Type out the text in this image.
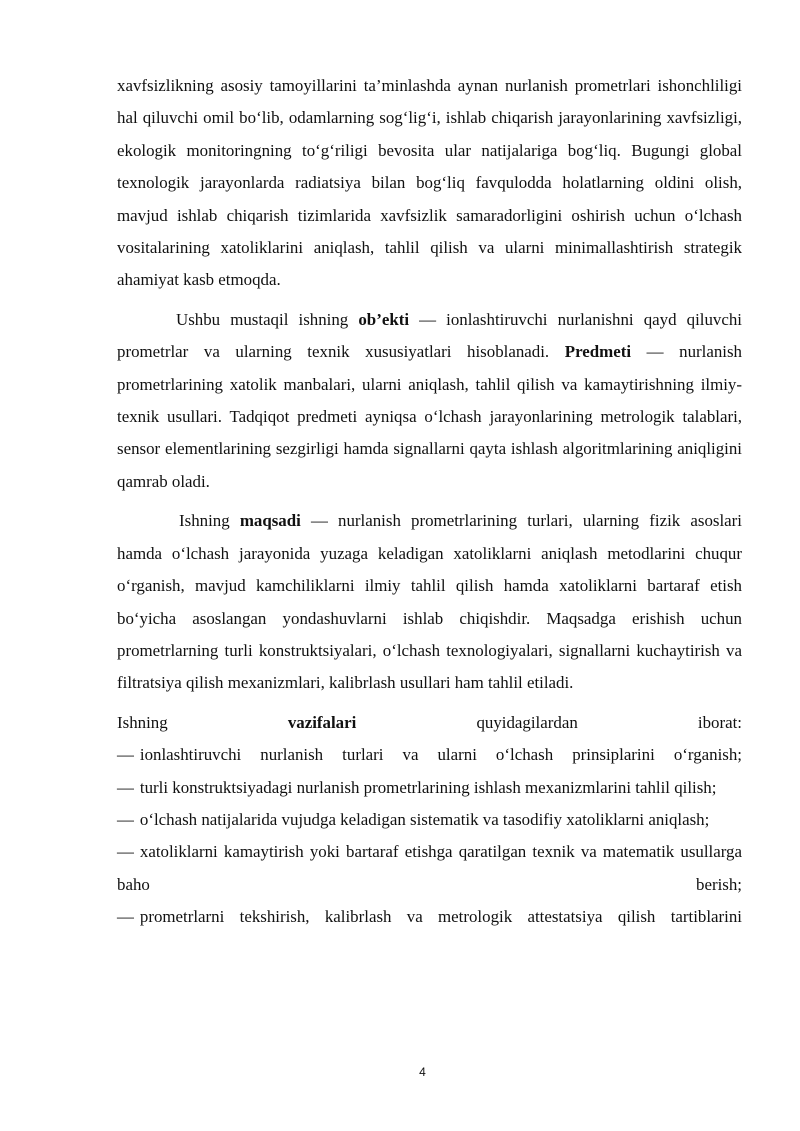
xavfsizlikning asosiy tamoyillarini ta’minlashda aynan nurlanish prometrlari ishonchliligi hal qiluvchi omil bo‘lib, odamlarning sog‘lig‘i, ishlab chiqarish jarayonlarining xavfsizligi, ekologik monitoringning to‘g‘riligi bevosita ular natijalariga bog‘liq. Bugungi global texnologik jarayonlarda radiatsiya bilan bog‘liq favqulodda holatlarning oldini olish, mavjud ishlab chiqarish tizimlarida xavfsizlik samaradorligini oshirish uchun o‘lchash vositalarining xatoliklarini aniqlash, tahlil qilish va ularni minimallashtirish strategik ahamiyat kasb etmoqda.

Ushbu mustaqil ishning ob’ekti — ionlashtiruvchi nurlanishni qayd qiluvchi prometrlar va ularning texnik xususiyatlari hisoblanadi. Predmeti — nurlanish prometrlarining xatolik manbalari, ularni aniqlash, tahlil qilish va kamaytirishning ilmiy-texnik usullari. Tadqiqot predmeti ayniqsa o‘lchash jarayonlarining metrologik talablari, sensor elementlarining sezgirligi hamda signallarni qayta ishlash algoritmlarining aniqligini qamrab oladi.

Ishning maqsadi — nurlanish prometrlarining turlari, ularning fizik asoslari hamda o‘lchash jarayonida yuzaga keladigan xatoliklarni aniqlash metodlarini chuqur o‘rganish, mavjud kamchiliklarni ilmiy tahlil qilish hamda xatoliklarni bartaraf etish bo‘yicha asoslangan yondashuvlarni ishlab chiqishdir. Maqsadga erishish uchun prometrlarning turli konstruktsiyalari, o‘lchash texnologiyalari, signallarni kuchaytirish va filtratsiya qilish mexanizmlari, kalibrlash usullari ham tahlil etiladi.

Ishning	vazifalari	quyidagilardan	iborat:

— ionlashtiruvchi nurlanish turlari va ularni o‘lchash prinsiplarini o‘rganish;

— turli konstruktsiyadagi nurlanish prometrlarining ishlash mexanizmlarini tahlil qilish;

— o‘lchash natijalarida vujudga keladigan sistematik va tasodifiy xatoliklarni aniqlash;

— xatoliklarni kamaytirish yoki bartaraf etishga qaratilgan texnik va matematik usullarga baho berish;

— prometrlarni tekshirish, kalibrlash va metrologik attestatsiya qilish tartiblarini

4
